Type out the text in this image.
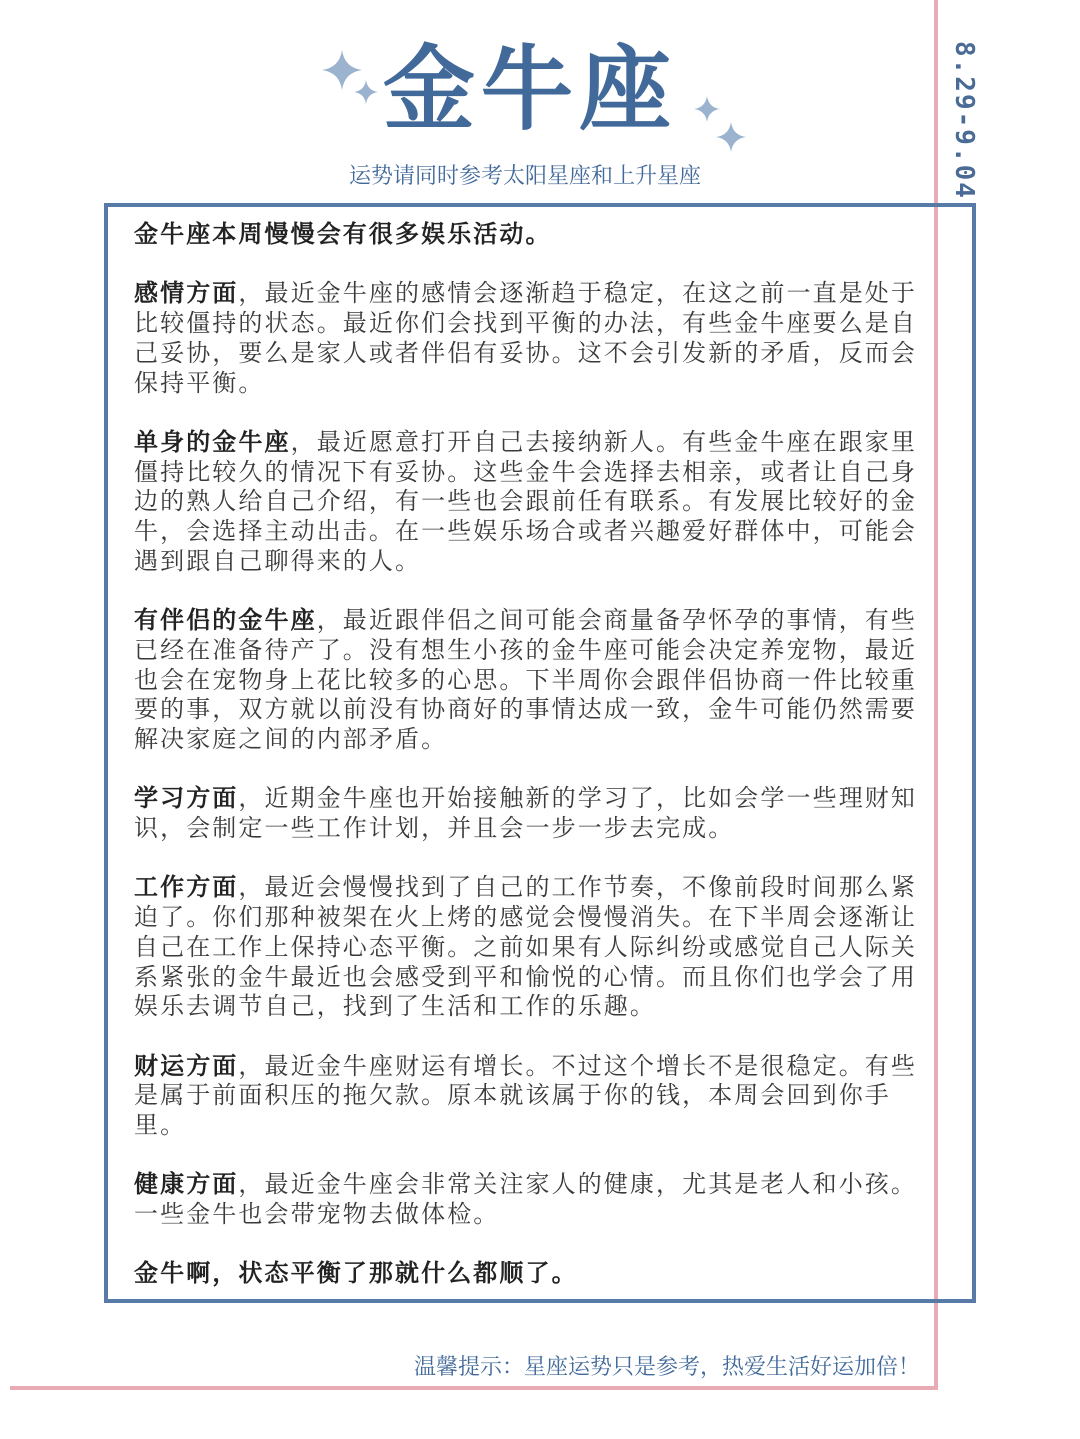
8.29-9.04
金牛座
运势请同时参考太阳星座和上升星座

金牛座本周慢慢会有很多娱乐活动。

感情方面，最近金牛座的感情会逐渐趋于稳定，在这之前一直是处于比较僵持的状态。最近你们会找到平衡的办法，有些金牛座要么是自己妥协，要么是家人或者伴侣有妥协。这不会引发新的矛盾，反而会保持平衡。

单身的金牛座，最近愿意打开自己去接纳新人。有些金牛座在跟家里僵持比较久的情况下有妥协。这些金牛会选择去相亲，或者让自己身边的熟人给自己介绍，有一些也会跟前任有联系。有发展比较好的金牛，会选择主动出击。在一些娱乐场合或者兴趣爱好群体中，可能会遇到跟自己聊得来的人。

有伴侣的金牛座，最近跟伴侣之间可能会商量备孕怀孕的事情，有些已经在准备待产了。没有想生小孩的金牛座可能会决定养宠物，最近也会在宠物身上花比较多的心思。下半周你会跟伴侣协商一件比较重要的事，双方就以前没有协商好的事情达成一致，金牛可能仍然需要解决家庭之间的内部矛盾。

学习方面，近期金牛座也开始接触新的学习了，比如会学一些理财知识，会制定一些工作计划，并且会一步一步去完成。

工作方面，最近会慢慢找到了自己的工作节奏，不像前段时间那么紧迫了。你们那种被架在火上烤的感觉会慢慢消失。在下半周会逐渐让自己在工作上保持心态平衡。之前如果有人际纠纷或感觉自己人际关系紧张的金牛最近也会感受到平和愉悦的心情。而且你们也学会了用娱乐去调节自己，找到了生活和工作的乐趣。

财运方面，最近金牛座财运有增长。不过这个增长不是很稳定。有些是属于前面积压的拖欠款。原本就该属于你的钱，本周会回到你手里。

健康方面，最近金牛座会非常关注家人的健康，尤其是老人和小孩。一些金牛也会带宠物去做体检。

金牛啊，状态平衡了那就什么都顺了。

温馨提示：星座运势只是参考，热爱生活好运加倍！
